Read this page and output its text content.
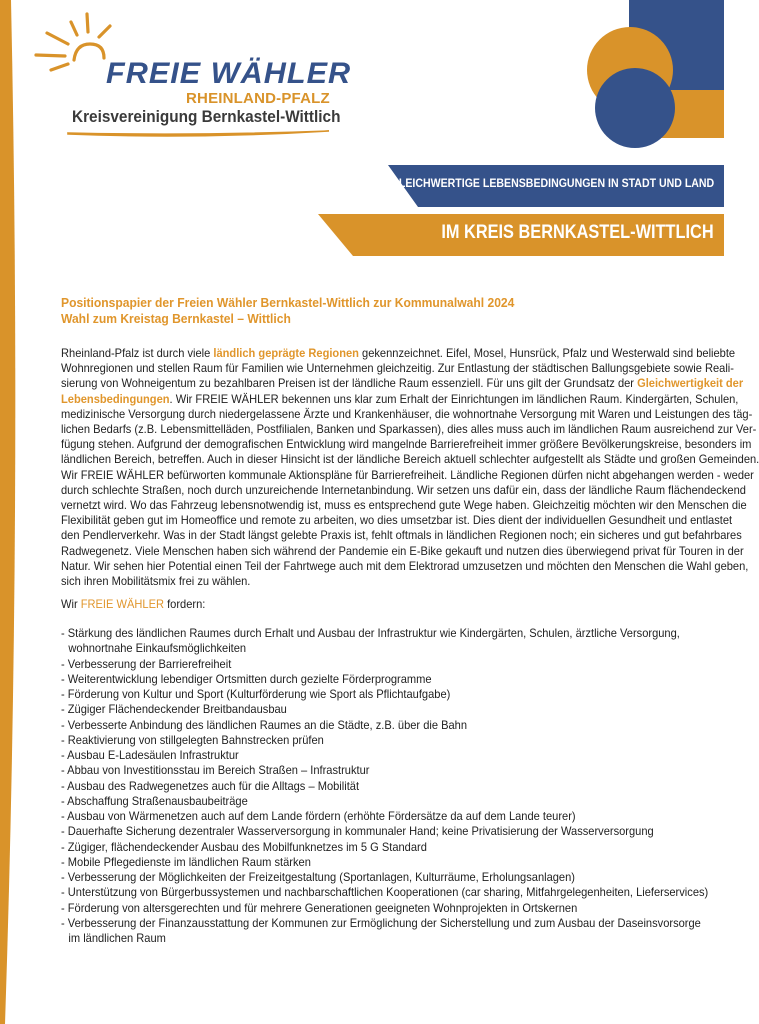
FREIE WÄHLER
RHEINLAND-PFALZ
Kreisvereinigung Bernkastel-Wittlich
GLEICHWERTIGE LEBENSBEDINGUNGEN IN STADT UND LAND
IM KREIS BERNKASTEL-WITTLICH
Positionspapier der Freien Wähler Bernkastel-Wittlich zur Kommunalwahl 2024
Wahl zum Kreistag Bernkastel – Wittlich
Rheinland-Pfalz ist durch viele ländlich geprägte Regionen gekennzeichnet. Eifel, Mosel, Hunsrück, Pfalz und Westerwald sind beliebte
Wohnregionen und stellen Raum für Familien wie Unternehmen gleichzeitig. Zur Entlastung der städtischen Ballungsgebiete sowie Reali-
sierung von Wohneigentum zu bezahlbaren Preisen ist der ländliche Raum essenziell. Für uns gilt der Grundsatz der Gleichwertigkeit der
Lebensbedingungen. Wir FREIE WÄHLER bekennen uns klar zum Erhalt der Einrichtungen im ländlichen Raum. Kindergärten, Schulen,
medizinische Versorgung durch niedergelassene Ärzte und Krankenhäuser, die wohnortnahe Versorgung mit Waren und Leistungen des täg-
lichen Bedarfs (z.B. Lebensmittelläden, Postfilialen, Banken und Sparkassen), dies alles muss auch im ländlichen Raum ausreichend zur Ver-
fügung stehen. Aufgrund der demografischen Entwicklung wird mangelnde Barrierefreiheit immer größere Bevölkerungskreise, besonders im
ländlichen Bereich, betreffen. Auch in dieser Hinsicht ist der ländliche Bereich aktuell schlechter aufgestellt als Städte und großen Gemeinden.
Wir FREIE WÄHLER befürworten kommunale Aktionspläne für Barrierefreiheit. Ländliche Regionen dürfen nicht abgehangen werden - weder
durch schlechte Straßen, noch durch unzureichende Internetanbindung. Wir setzen uns dafür ein, dass der ländliche Raum flächendeckend
vernetzt wird. Wo das Fahrzeug lebensnotwendig ist, muss es entsprechend gute Wege haben. Gleichzeitig möchten wir den Menschen die
Flexibilität geben gut im Homeoffice und remote zu arbeiten, wo dies umsetzbar ist. Dies dient der individuellen Gesundheit und entlastet
den Pendlerverkehr. Was in der Stadt längst gelebte Praxis ist, fehlt oftmals in ländlichen Regionen noch; ein sicheres und gut befahrbares
Radwegenetz. Viele Menschen haben sich während der Pandemie ein E-Bike gekauft und nutzen dies überwiegend privat für Touren in der
Natur. Wir sehen hier Potential einen Teil der Fahrtwege auch mit dem Elektrorad umzusetzen und möchten den Menschen die Wahl geben,
sich ihren Mobilitätsmix frei zu wählen.
Wir FREIE WÄHLER fordern:
- Stärkung des ländlichen Raumes durch Erhalt und Ausbau der Infrastruktur wie Kindergärten, Schulen, ärztliche Versorgung,
wohnortnahe Einkaufsmöglichkeiten
- Verbesserung der Barrierefreiheit
- Weiterentwicklung lebendiger Ortsmitten durch gezielte Förderprogramme
- Förderung von Kultur und Sport (Kulturförderung wie Sport als Pflichtaufgabe)
- Zügiger Flächendeckender Breitbandausbau
- Verbesserte Anbindung des ländlichen Raumes an die Städte, z.B. über die Bahn
- Reaktivierung von stillgelegten Bahnstrecken prüfen
- Ausbau E-Ladesäulen Infrastruktur
- Abbau von Investitionsstau im Bereich Straßen – Infrastruktur
- Ausbau des Radwegenetzes auch für die Alltags – Mobilität
- Abschaffung Straßenausbaubeiträge
- Ausbau von Wärmenetzen auch auf dem Lande fördern (erhöhte Fördersätze da auf dem Lande teurer)
- Dauerhafte Sicherung dezentraler Wasserversorgung in kommunaler Hand; keine Privatisierung der Wasserversorgung
- Zügiger, flächendeckender Ausbau des Mobilfunknetzes im 5 G Standard
- Mobile Pflegedienste im ländlichen Raum stärken
- Verbesserung der Möglichkeiten der Freizeitgestaltung (Sportanlagen, Kulturräume, Erholungsanlagen)
- Unterstützung von Bürgerbussystemen und nachbarschaftlichen Kooperationen (car sharing, Mitfahrgelegenheiten, Lieferservices)
- Förderung von altersgerechten und für mehrere Generationen geeigneten Wohnprojekten in Ortskernen
- Verbesserung der Finanzausstattung der Kommunen zur Ermöglichung der Sicherstellung und zum Ausbau der Daseinsvorsorge
im ländlichen Raum
